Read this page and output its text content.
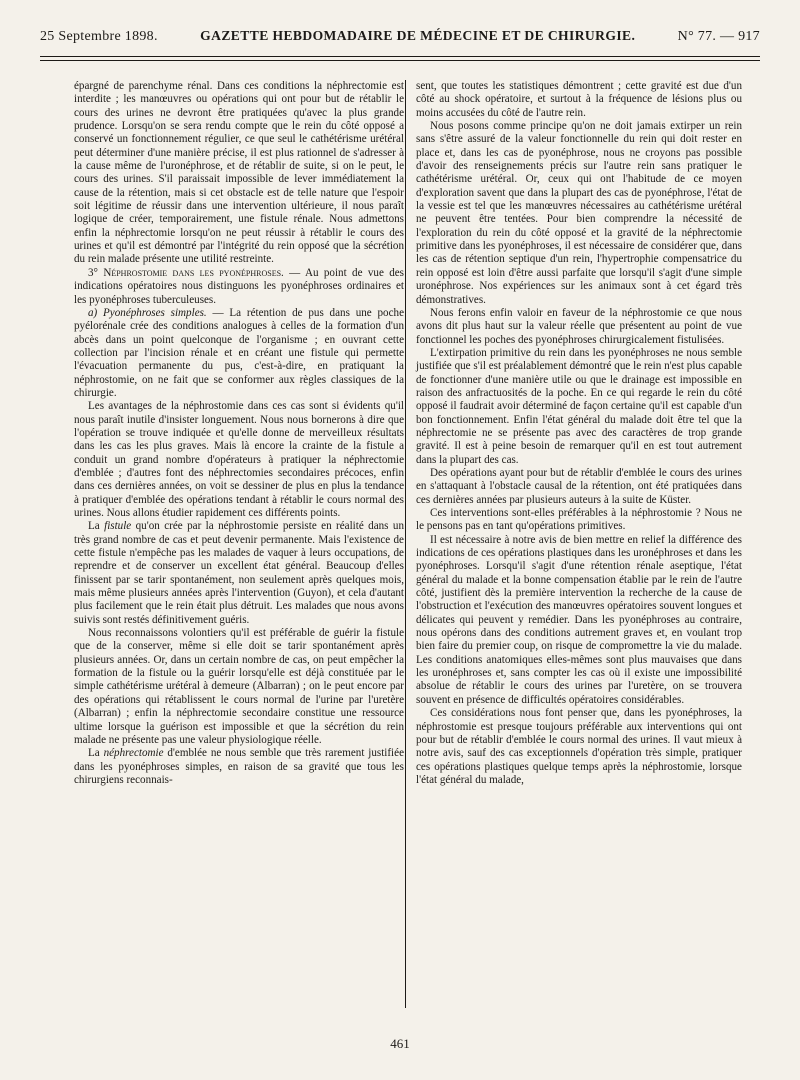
25 Septembre 1898.	GAZETTE HEBDOMADAIRE DE MÉDECINE ET DE CHIRURGIE.	N° 77. — 917

épargné de parenchyme rénal. Dans ces conditions la néphrectomie est interdite ; les manœuvres ou opérations qui ont pour but de rétablir le cours des urines ne devront être pratiquées qu'avec la plus grande prudence. Lorsqu'on se sera rendu compte que le rein du côté opposé a conservé un fonctionnement régulier, ce que seul le cathétérisme urétéral peut déterminer d'une manière précise, il est plus rationnel de s'adresser à la cause même de l'uronéphrose, et de rétablir de suite, si on le peut, le cours des urines. S'il paraissait impossible de lever immédiatement la cause de la rétention, mais si cet obstacle est de telle nature que l'espoir soit légitime de réussir dans une intervention ultérieure, il nous paraît logique de créer, temporairement, une fistule rénale. Nous admettons enfin la néphrectomie lorsqu'on ne peut réussir à rétablir le cours des urines et qu'il est démontré par l'intégrité du rein opposé que la sécrétion du rein malade présente une utilité restreinte.

3° Néphrostomie dans les pyonéphroses. — Au point de vue des indications opératoires nous distinguons les pyonéphroses ordinaires et les pyonéphroses tuberculeuses.

a) Pyonéphroses simples. — La rétention de pus dans une poche pyélorénale crée des conditions analogues à celles de la formation d'un abcès dans un point quelconque de l'organisme ; en ouvrant cette collection par l'incision rénale et en créant une fistule qui permette l'évacuation permanente du pus, c'est-à-dire, en pratiquant la néphrostomie, on ne fait que se conformer aux règles classiques de la chirurgie.

Les avantages de la néphrostomie dans ces cas sont si évidents qu'il nous paraît inutile d'insister longuement. Nous nous bornerons à dire que l'opération se trouve indiquée et qu'elle donne de merveilleux résultats dans les cas les plus graves. Mais là encore la crainte de la fistule a conduit un grand nombre d'opérateurs à pratiquer la néphrectomie d'emblée ; d'autres font des néphrectomies secondaires précoces, enfin dans ces dernières années, on voit se dessiner de plus en plus la tendance à pratiquer d'emblée des opérations tendant à rétablir le cours normal des urines. Nous allons étudier rapidement ces différents points.

La fistule qu'on crée par la néphrostomie persiste en réalité dans un très grand nombre de cas et peut devenir permanente. Mais l'existence de cette fistule n'empêche pas les malades de vaquer à leurs occupations, de reprendre et de conserver un excellent état général. Beaucoup d'elles finissent par se tarir spontanément, non seulement après quelques mois, mais même plusieurs années après l'intervention (Guyon), et cela d'autant plus facilement que le rein était plus détruit. Les malades que nous avons suivis sont restés définitivement guéris.

Nous reconnaissons volontiers qu'il est préférable de guérir la fistule que de la conserver, même si elle doit se tarir spontanément après plusieurs années. Or, dans un certain nombre de cas, on peut empêcher la formation de la fistule ou la guérir lorsqu'elle est déjà constituée par le simple cathétérisme urétéral à demeure (Albarran) ; on le peut encore par des opérations qui rétablissent le cours normal de l'urine par l'uretère (Albarran) ; enfin la néphrectomie secondaire constitue une ressource ultime lorsque la guérison est impossible et que la sécrétion du rein malade ne présente pas une valeur physiologique réelle.

La néphrectomie d'emblée ne nous semble que très rarement justifiée dans les pyonéphroses simples, en raison de sa gravité que tous les chirurgiens reconnais-

sent, que toutes les statistiques démontrent ; cette gravité est due d'un côté au shock opératoire, et surtout à la fréquence de lésions plus ou moins accusées du côté de l'autre rein.

Nous posons comme principe qu'on ne doit jamais extirper un rein sans s'être assuré de la valeur fonctionnelle du rein qui doit rester en place et, dans les cas de pyonéphrose, nous ne croyons pas possible d'avoir des renseignements précis sur l'autre rein sans pratiquer le cathétérisme urétéral. Or, ceux qui ont l'habitude de ce moyen d'exploration savent que dans la plupart des cas de pyonéphrose, l'état de la vessie est tel que les manœuvres nécessaires au cathétérisme urétéral ne peuvent être tentées. Pour bien comprendre la nécessité de l'exploration du rein du côté opposé et la gravité de la néphrectomie primitive dans les pyonéphroses, il est nécessaire de considérer que, dans les cas de rétention septique d'un rein, l'hypertrophie compensatrice du rein opposé est loin d'être aussi parfaite que lorsqu'il s'agit d'une simple uronéphrose. Nos expériences sur les animaux sont à cet égard très démonstratives.

Nous ferons enfin valoir en faveur de la néphrostomie ce que nous avons dit plus haut sur la valeur réelle que présentent au point de vue fonctionnel les poches des pyonéphroses chirurgicalement fistulisées.

L'extirpation primitive du rein dans les pyonéphroses ne nous semble justifiée que s'il est préalablement démontré que le rein n'est plus capable de fonctionner d'une manière utile ou que le drainage est impossible en raison des anfractuosités de la poche. En ce qui regarde le rein du côté opposé il faudrait avoir déterminé de façon certaine qu'il est capable d'un bon fonctionnement. Enfin l'état général du malade doit être tel que la néphrectomie ne se présente pas avec des caractères de trop grande gravité. Il est à peine besoin de remarquer qu'il en est tout autrement dans la plupart des cas.

Des opérations ayant pour but de rétablir d'emblée le cours des urines en s'attaquant à l'obstacle causal de la rétention, ont été pratiquées dans ces dernières années par plusieurs auteurs à la suite de Küster.

Ces interventions sont-elles préférables à la néphrostomie ? Nous ne le pensons pas en tant qu'opérations primitives.

Il est nécessaire à notre avis de bien mettre en relief la différence des indications de ces opérations plastiques dans les uronéphroses et dans les pyonéphroses. Lorsqu'il s'agit d'une rétention rénale aseptique, l'état général du malade et la bonne compensation établie par le rein de l'autre côté, justifient dès la première intervention la recherche de la cause de l'obstruction et l'exécution des manœuvres opératoires souvent longues et délicates qui peuvent y remédier. Dans les pyonéphroses au contraire, nous opérons dans des conditions autrement graves et, en voulant trop bien faire du premier coup, on risque de compromettre la vie du malade. Les conditions anatomiques elles-mêmes sont plus mauvaises que dans les uronéphroses et, sans compter les cas où il existe une impossibilité absolue de rétablir le cours des urines par l'uretère, on se trouvera souvent en présence de difficultés opératoires considérables.

Ces considérations nous font penser que, dans les pyonéphroses, la néphrostomie est presque toujours préférable aux interventions qui ont pour but de rétablir d'emblée le cours normal des urines. Il vaut mieux à notre avis, sauf des cas exceptionnels d'opération très simple, pratiquer ces opérations plastiques quelque temps après la néphrostomie, lorsque l'état général du malade,

461
